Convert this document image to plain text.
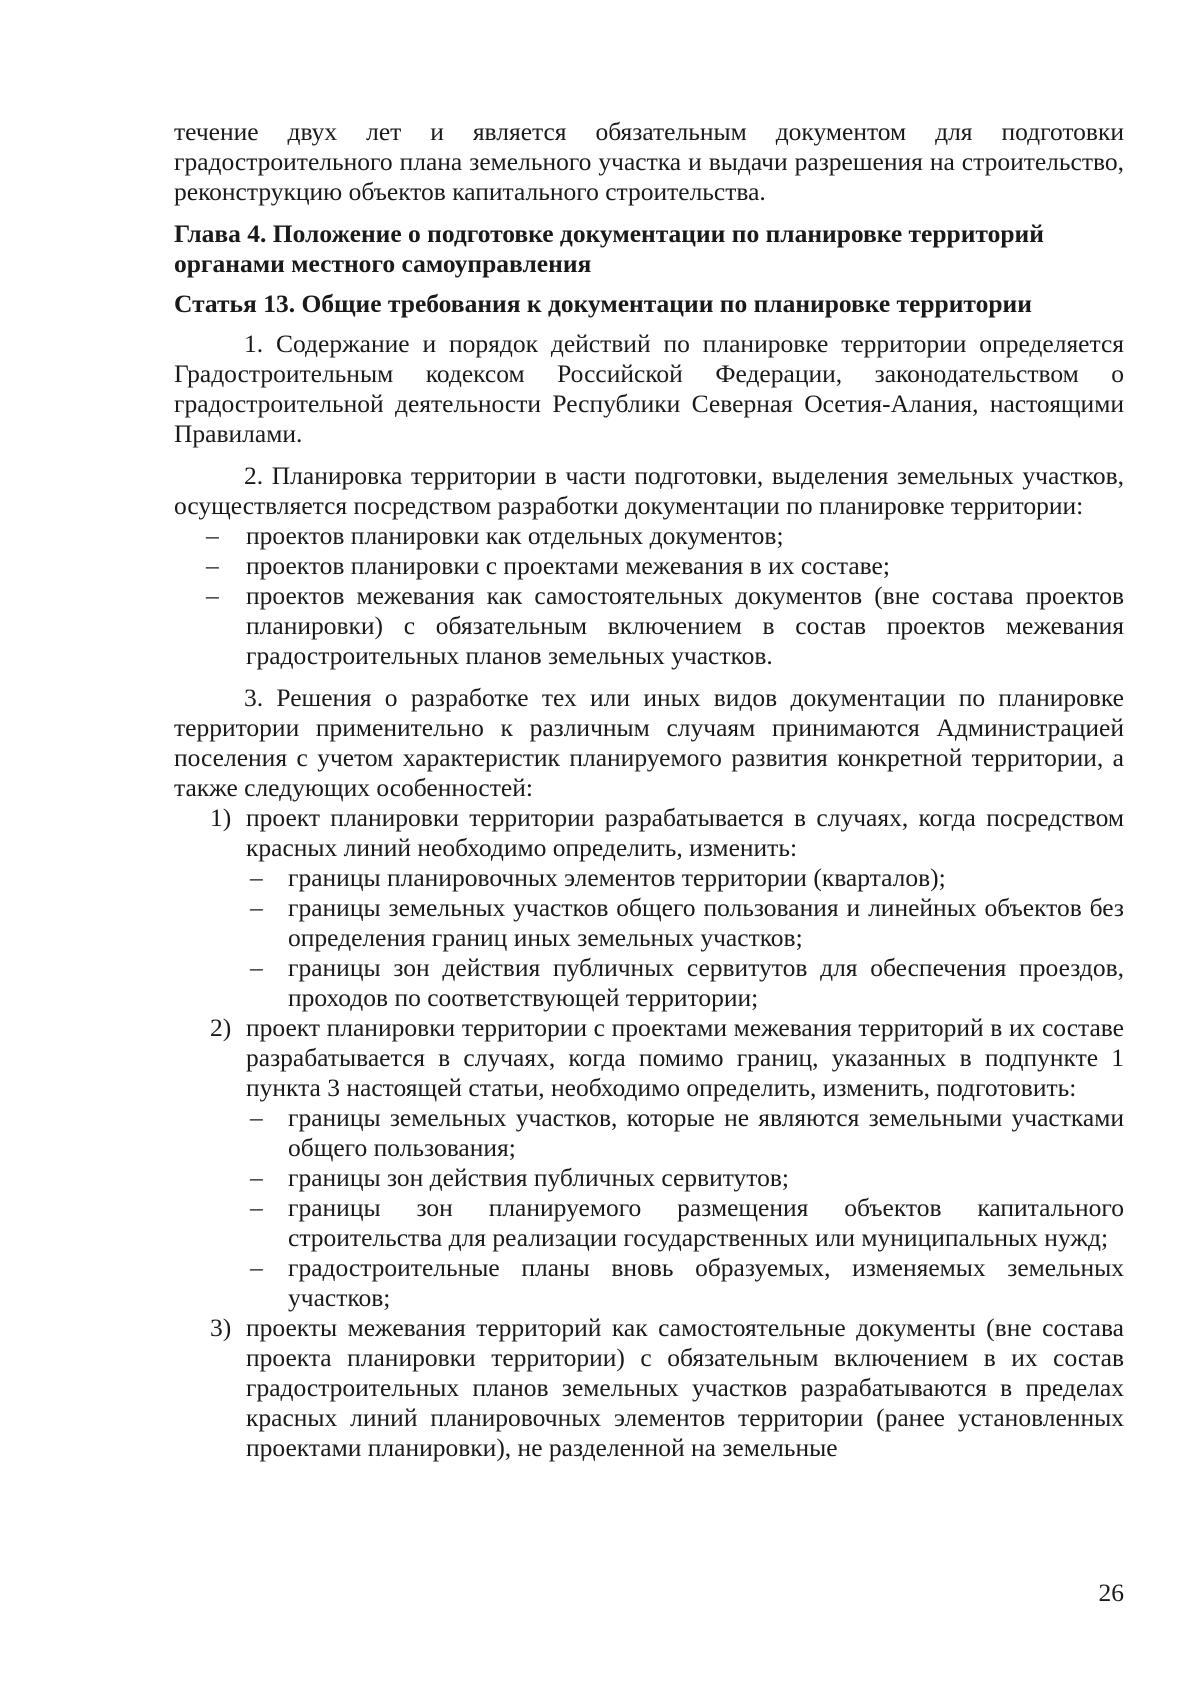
течение двух лет и является обязательным документом для подготовки градостроительного плана земельного участка и выдачи разрешения на строительство, реконструкцию объектов капитального строительства.

Глава 4. Положение о подготовке документации по планировке территорий органами местного самоуправления

Статья 13. Общие требования к документации по планировке территории

1. Содержание и порядок действий по планировке территории определяется Градостроительным кодексом Российской Федерации, законодательством о градостроительной деятельности Республики Северная Осетия-Алания, настоящими Правилами.

2. Планировка территории в части подготовки, выделения земельных участков, осуществляется посредством разработки документации по планировке территории:

– проектов планировки как отдельных документов;
– проектов планировки с проектами межевания в их составе;
– проектов межевания как самостоятельных документов (вне состава проектов планировки) с обязательным включением в состав проектов межевания градостроительных планов земельных участков.

3. Решения о разработке тех или иных видов документации по планировке территории применительно к различным случаям принимаются Администрацией поселения с учетом характеристик планируемого развития конкретной территории, а также следующих особенностей:

1) проект планировки территории разрабатывается в случаях, когда посредством красных линий необходимо определить, изменить:
– границы планировочных элементов территории (кварталов);
– границы земельных участков общего пользования и линейных объектов без определения границ иных земельных участков;
– границы зон действия публичных сервитутов для обеспечения проездов, проходов по соответствующей территории;
2) проект планировки территории с проектами межевания территорий в их составе разрабатывается в случаях, когда помимо границ, указанных в подпункте 1 пункта 3 настоящей статьи, необходимо определить, изменить, подготовить:
– границы земельных участков, которые не являются земельными участками общего пользования;
– границы зон действия публичных сервитутов;
– границы зон планируемого размещения объектов капитального строительства для реализации государственных или муниципальных нужд;
– градостроительные планы вновь образуемых, изменяемых земельных участков;
3) проекты межевания территорий как самостоятельные документы (вне состава проекта планировки территории) с обязательным включением в их состав градостроительных планов земельных участков разрабатываются в пределах красных линий планировочных элементов территории (ранее установленных проектами планировки), не разделенной на земельные
26
